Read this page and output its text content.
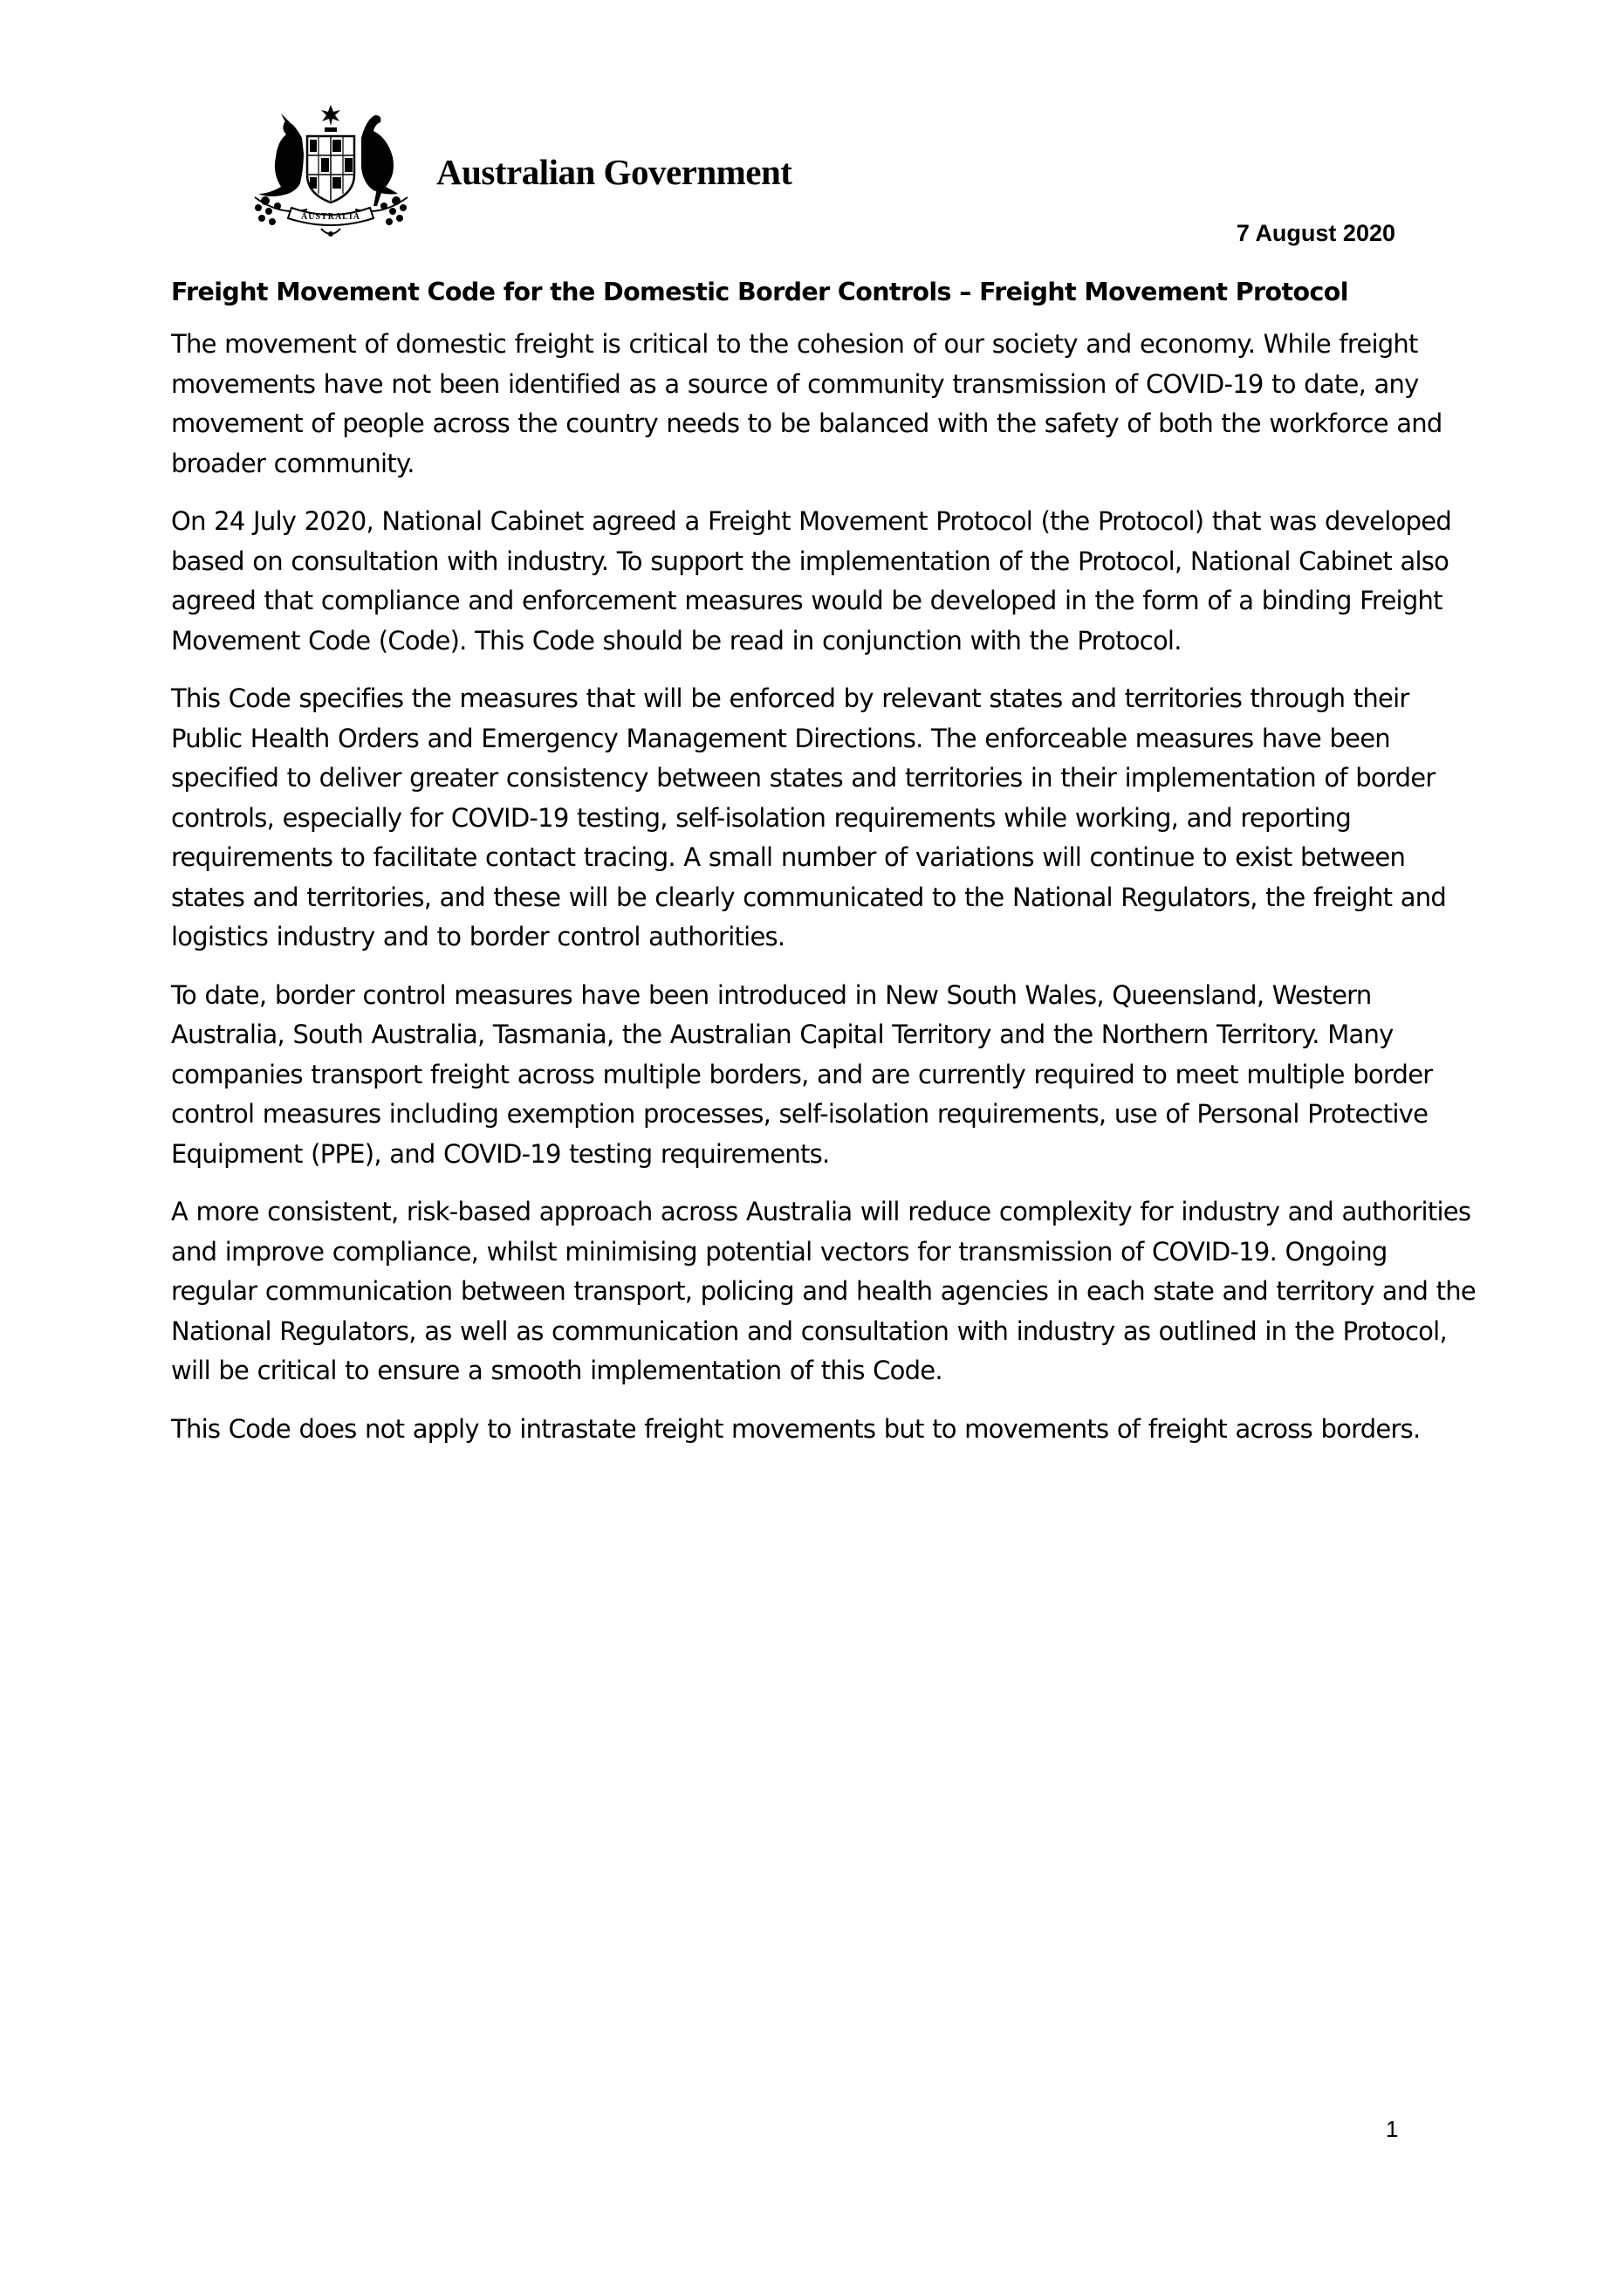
AUSTRALIA
Australian Government
7 August 2020
Freight Movement Code for the Domestic Border Controls – Freight Movement Protocol

The movement of domestic freight is critical to the cohesion of our society and economy. While freight movements have not been identified as a source of community transmission of COVID-19 to date, any movement of people across the country needs to be balanced with the safety of both the workforce and broader community.

On 24 July 2020, National Cabinet agreed a Freight Movement Protocol (the Protocol) that was developed based on consultation with industry. To support the implementation of the Protocol, National Cabinet also agreed that compliance and enforcement measures would be developed in the form of a binding Freight Movement Code (Code). This Code should be read in conjunction with the Protocol.

This Code specifies the measures that will be enforced by relevant states and territories through their Public Health Orders and Emergency Management Directions. The enforceable measures have been specified to deliver greater consistency between states and territories in their implementation of border controls, especially for COVID-19 testing, self-isolation requirements while working, and reporting requirements to facilitate contact tracing. A small number of variations will continue to exist between states and territories, and these will be clearly communicated to the National Regulators, the freight and logistics industry and to border control authorities.

To date, border control measures have been introduced in New South Wales, Queensland, Western Australia, South Australia, Tasmania, the Australian Capital Territory and the Northern Territory. Many companies transport freight across multiple borders, and are currently required to meet multiple border control measures including exemption processes, self-isolation requirements, use of Personal Protective Equipment (PPE), and COVID-19 testing requirements.

A more consistent, risk-based approach across Australia will reduce complexity for industry and authorities and improve compliance, whilst minimising potential vectors for transmission of COVID-19. Ongoing regular communication between transport, policing and health agencies in each state and territory and the National Regulators, as well as communication and consultation with industry as outlined in the Protocol, will be critical to ensure a smooth implementation of this Code.

This Code does not apply to intrastate freight movements but to movements of freight across borders.

1
